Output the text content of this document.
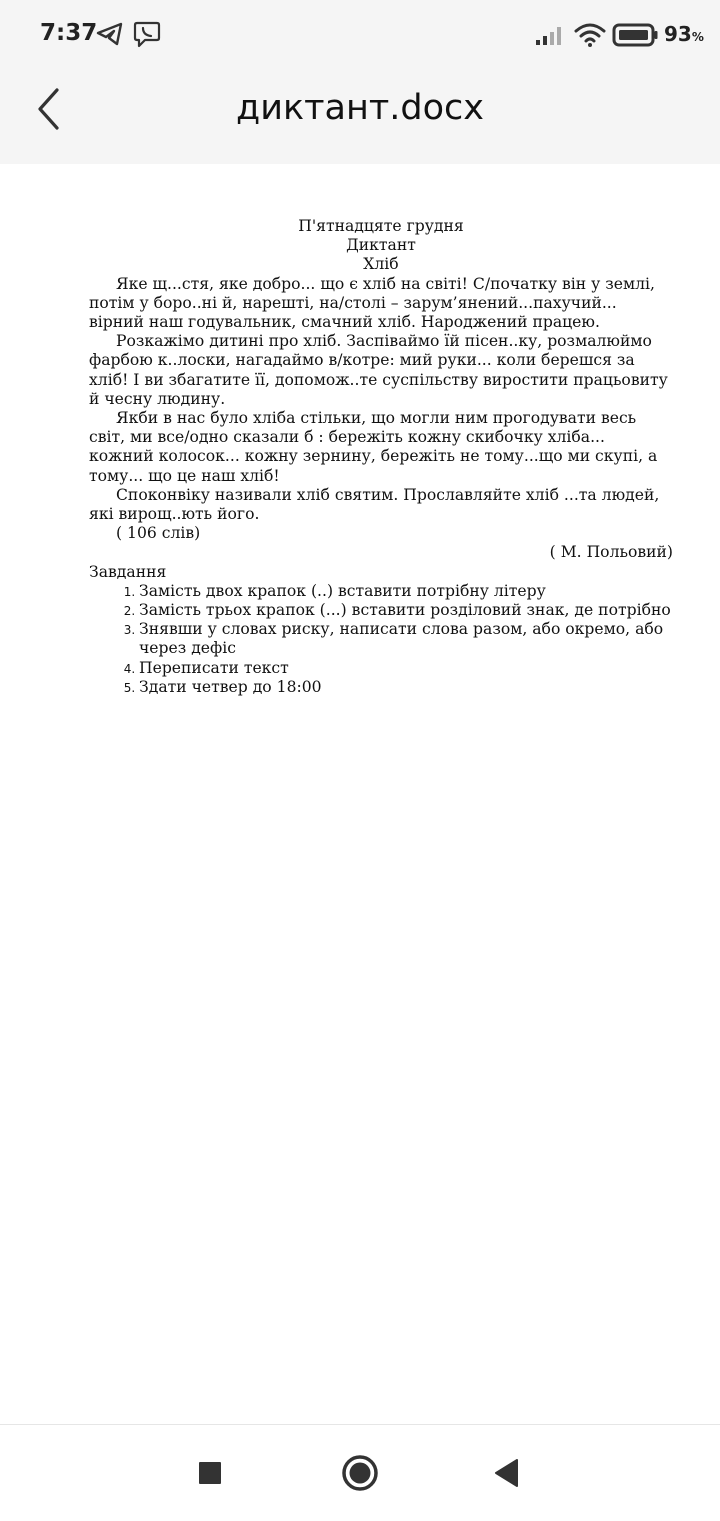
7:37	93%
диктант.docx
П'ятнадцяте грудня
Диктант
Хліб

Яке щ...стя, яке добро... що є хліб на світі! С/початку він у землі, потім у боро..ні й, нарешті, на/столі – зарум’янений...пахучий... вірний наш годувальник, смачний хліб. Народжений працею.

Розкажімо дитині про хліб. Заспіваймо їй пісен..ку, розмалюймо фарбою к..лоски, нагадаймо в/котре: мий руки... коли берешся за хліб! І ви збагатите її, допомож..те суспільству виростити працьовиту й чесну людину.

Якби в нас було хліба стільки, що могли ним прогодувати весь світ, ми все/одно сказали б : бережіть кожну скибочку хліба... кожний колосок... кожну зернину, бережіть не тому...що ми скупі, а тому... що це наш хліб!

Споконвіку називали хліб святим. Прославляйте хліб ...та людей, які вирощ..ють його.

( 106 слів)
( М. Польовий)
Завдання
1. Замість двох крапок (..) вставити потрібну літеру
2. Замість трьох крапок (...) вставити розділовий знак, де потрібно
3. Знявши у словах риску, написати слова разом, або окремо, або через дефіс
4. Переписати текст
5. Здати четвер до 18:00
